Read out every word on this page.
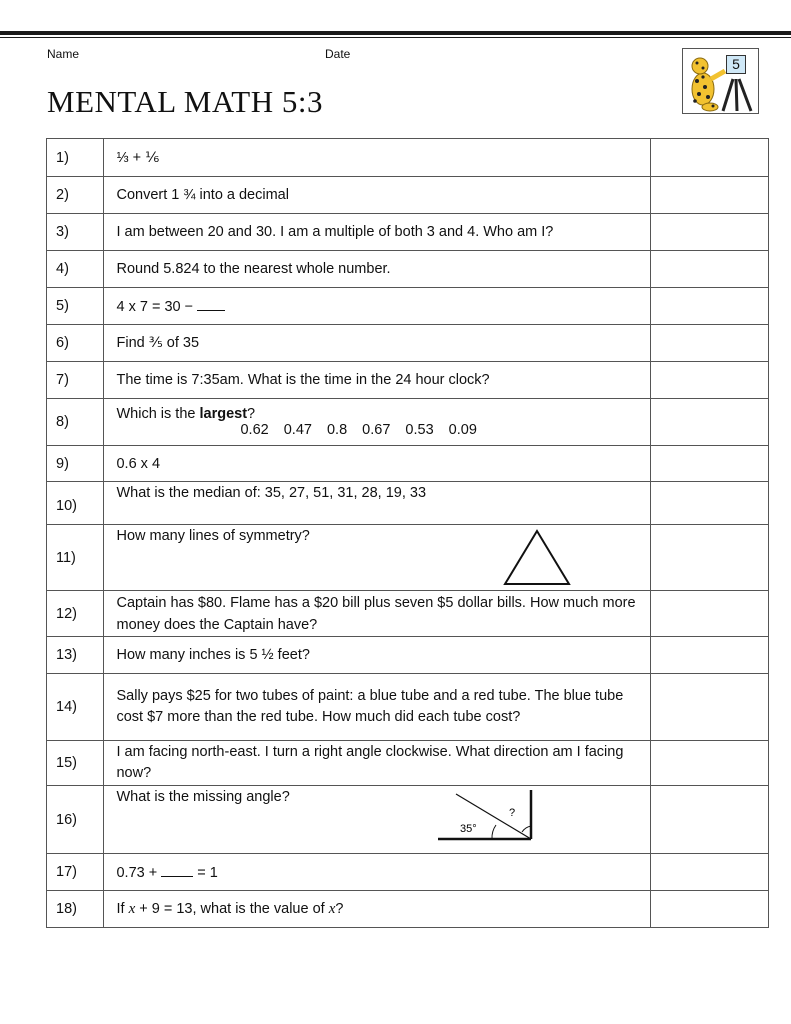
Name	Date
MENTAL MATH 5:3
5
1)	⅓ + ⅙	
2)	Convert 1 ¾ into a decimal	
3)	I am between 20 and 30. I am a multiple of both 3 and 4. Who am I?	
4)	Round 5.824 to the nearest whole number.	
5)	4 x 7 = 30 −	
6)	Find ⅗ of 35	
7)	The time is 7:35am. What is the time in the 24 hour clock?	
8)	Which is the largest?
0.62 0.47 0.8 0.67 0.53 0.09	

9)	0.6 x 4	
10)	What is the median of: 35, 27, 51, 31, 28, 19, 33	
11)	How many lines of symmetry?

12)	Captain has $80. Flame has a $20 bill plus seven $5 dollar bills. How much more money does the Captain have?	
13)	How many inches is 5 ½ feet?	
14)	Sally pays $25 for two tubes of paint: a blue tube and a red tube. The blue tube cost $7 more than the red tube. How much did each tube cost?	
15)	I am facing north-east. I turn a right angle clockwise. What direction am I facing now?	
16)	What is the missing angle?
35°
?	

17)	0.73 +  = 1	
18)	If x + 9 = 13, what is the value of x?	
